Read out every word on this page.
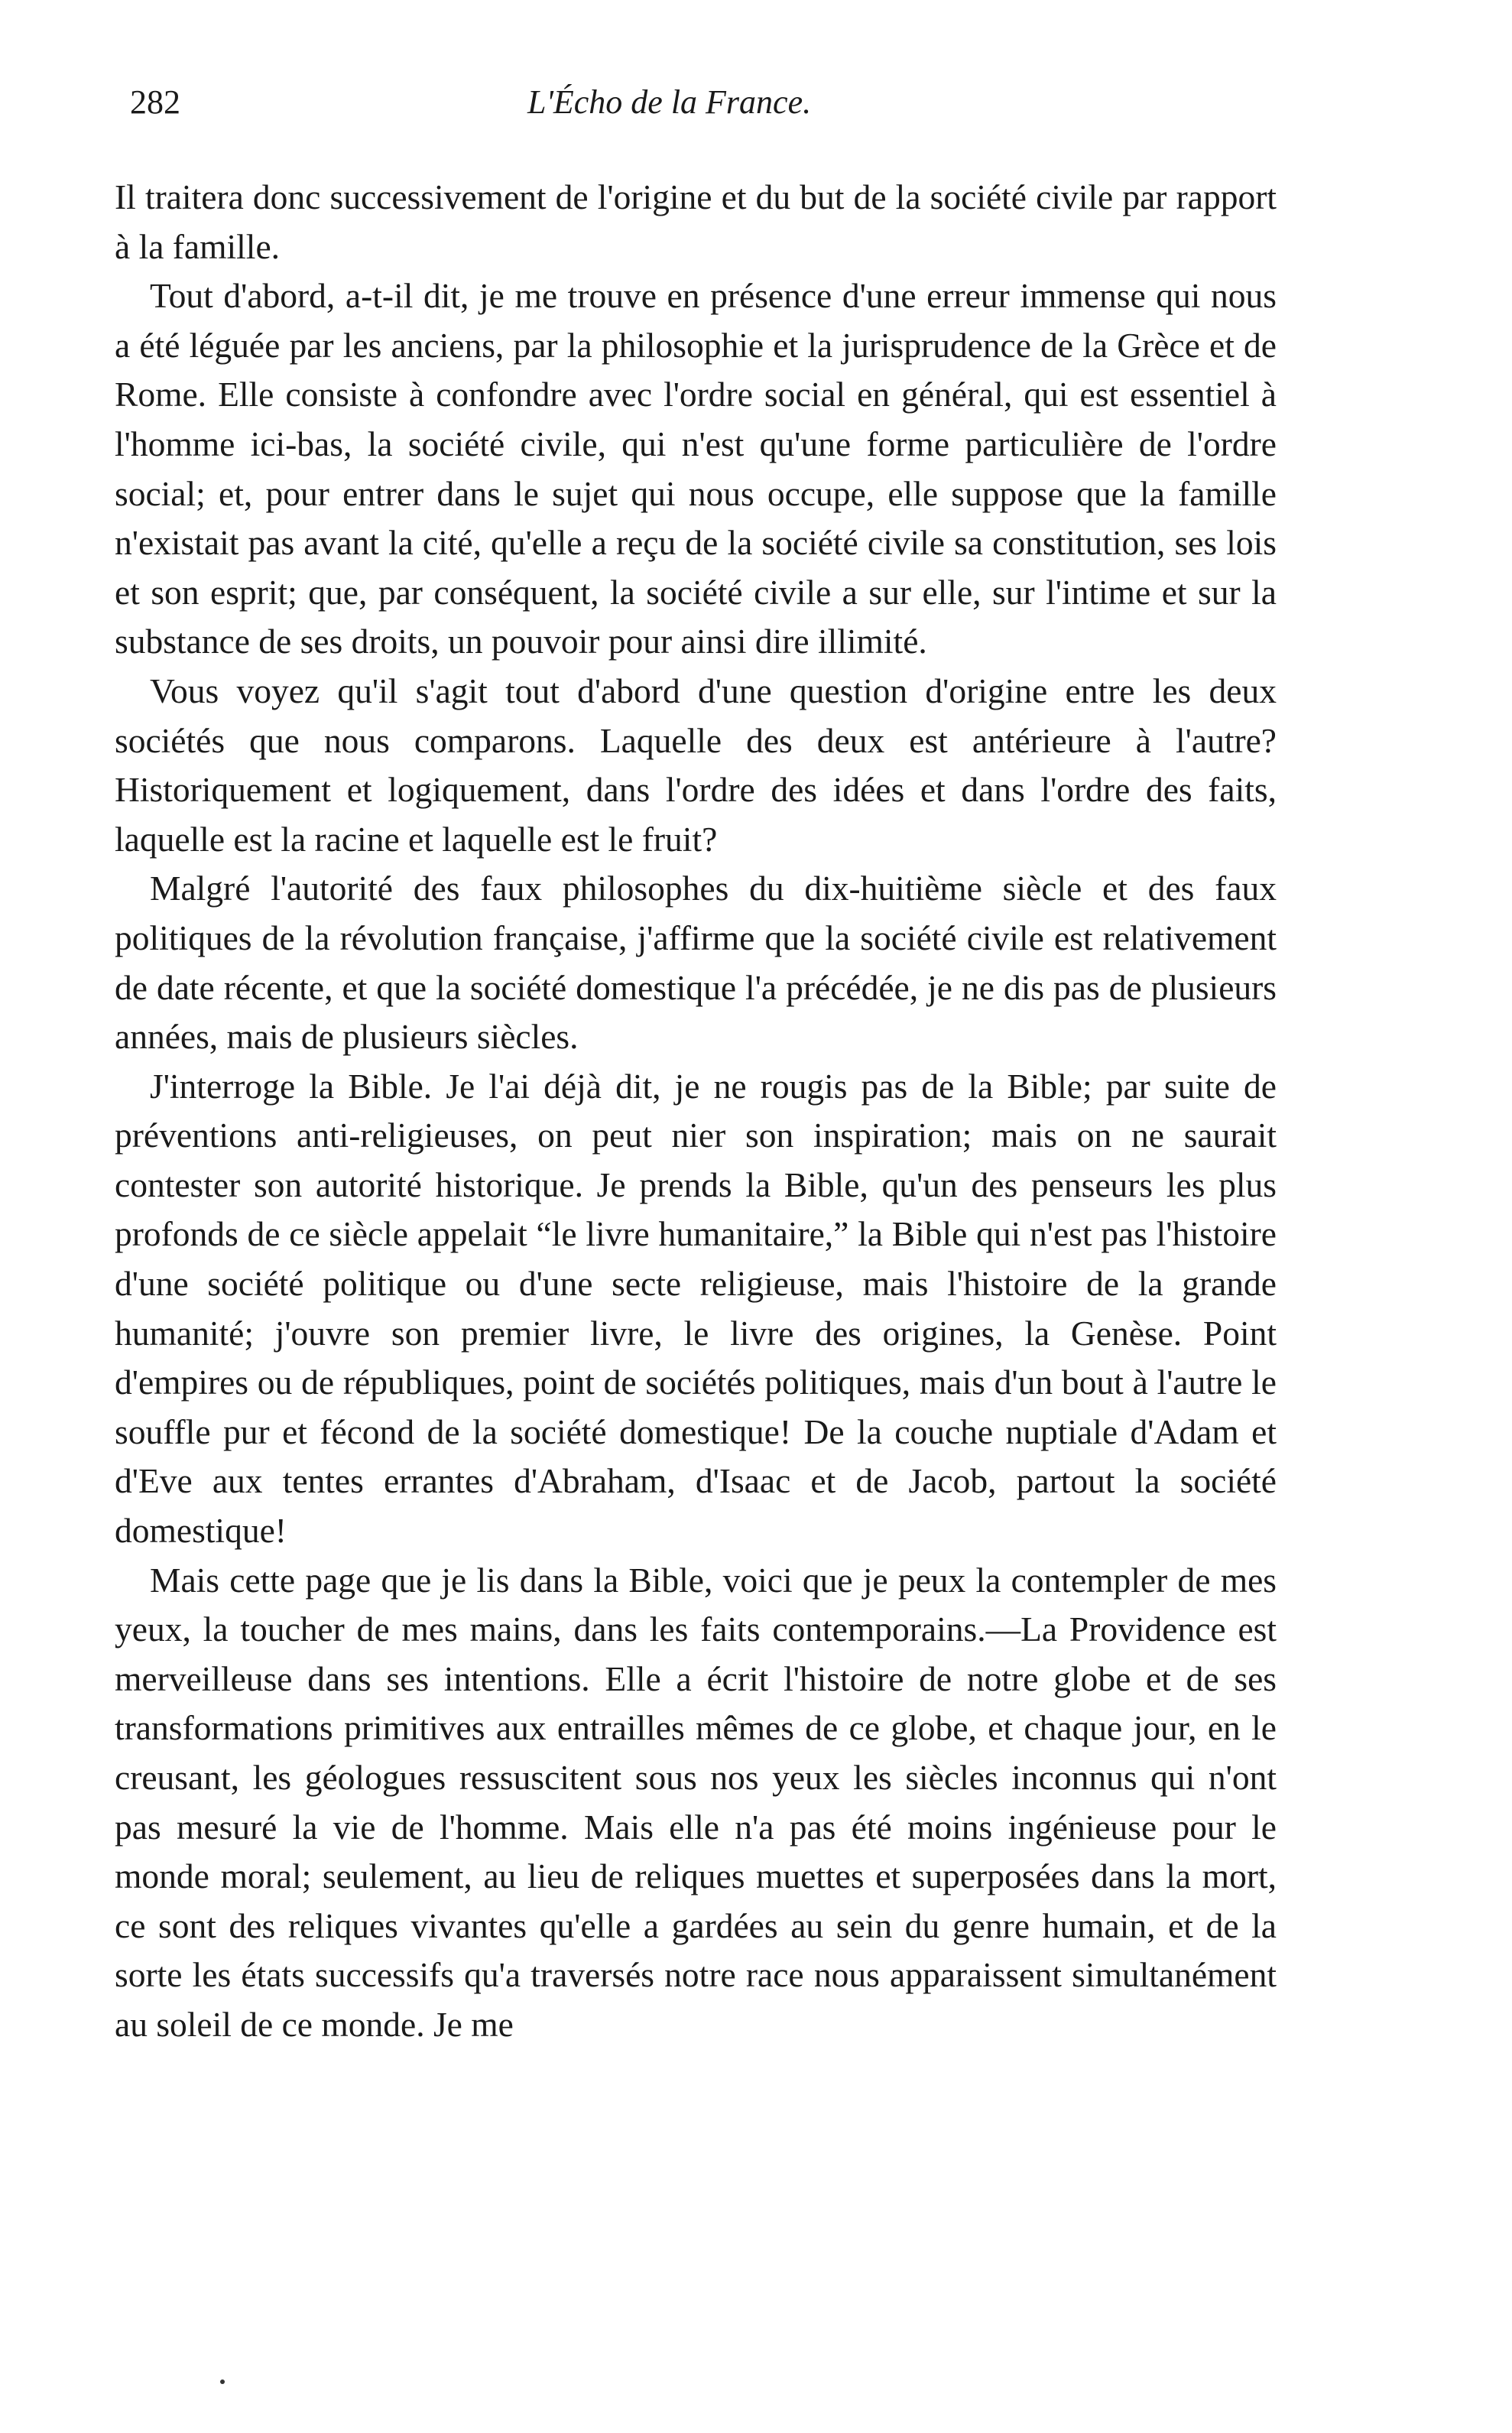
282	L'Écho de la France.

Il traitera donc successivement de l'origine et du but de la société civile par rapport à la famille.

Tout d'abord, a-t-il dit, je me trouve en présence d'une erreur immense qui nous a été léguée par les anciens, par la philosophie et la jurisprudence de la Grèce et de Rome. Elle consiste à confondre avec l'ordre social en général, qui est essentiel à l'homme ici-bas, la société civile, qui n'est qu'une forme particulière de l'ordre social; et, pour entrer dans le sujet qui nous occupe, elle suppose que la famille n'existait pas avant la cité, qu'elle a reçu de la société civile sa constitution, ses lois et son esprit; que, par conséquent, la société civile a sur elle, sur l'intime et sur la substance de ses droits, un pouvoir pour ainsi dire illimité.

Vous voyez qu'il s'agit tout d'abord d'une question d'origine entre les deux sociétés que nous comparons. Laquelle des deux est antérieure à l'autre? Historiquement et logiquement, dans l'ordre des idées et dans l'ordre des faits, laquelle est la racine et laquelle est le fruit?

Malgré l'autorité des faux philosophes du dix-huitième siècle et des faux politiques de la révolution française, j'affirme que la société civile est relativement de date récente, et que la société domestique l'a précédée, je ne dis pas de plusieurs années, mais de plusieurs siècles.

J'interroge la Bible. Je l'ai déjà dit, je ne rougis pas de la Bible; par suite de préventions anti-religieuses, on peut nier son inspiration; mais on ne saurait contester son autorité historique. Je prends la Bible, qu'un des penseurs les plus profonds de ce siècle appelait “le livre humanitaire,” la Bible qui n'est pas l'histoire d'une société politique ou d'une secte religieuse, mais l'histoire de la grande humanité; j'ouvre son premier livre, le livre des origines, la Genèse. Point d'empires ou de républiques, point de sociétés politiques, mais d'un bout à l'autre le souffle pur et fécond de la société domestique! De la couche nuptiale d'Adam et d'Eve aux tentes errantes d'Abraham, d'Isaac et de Jacob, partout la société domestique!

Mais cette page que je lis dans la Bible, voici que je peux la contempler de mes yeux, la toucher de mes mains, dans les faits contemporains.—La Providence est merveilleuse dans ses intentions. Elle a écrit l'histoire de notre globe et de ses transformations primitives aux entrailles mêmes de ce globe, et chaque jour, en le creusant, les géologues ressuscitent sous nos yeux les siècles inconnus qui n'ont pas mesuré la vie de l'homme. Mais elle n'a pas été moins ingénieuse pour le monde moral; seulement, au lieu de reliques muettes et superposées dans la mort, ce sont des reliques vivantes qu'elle a gardées au sein du genre humain, et de la sorte les états successifs qu'a traversés notre race nous apparaissent simultanément au soleil de ce monde. Je me
